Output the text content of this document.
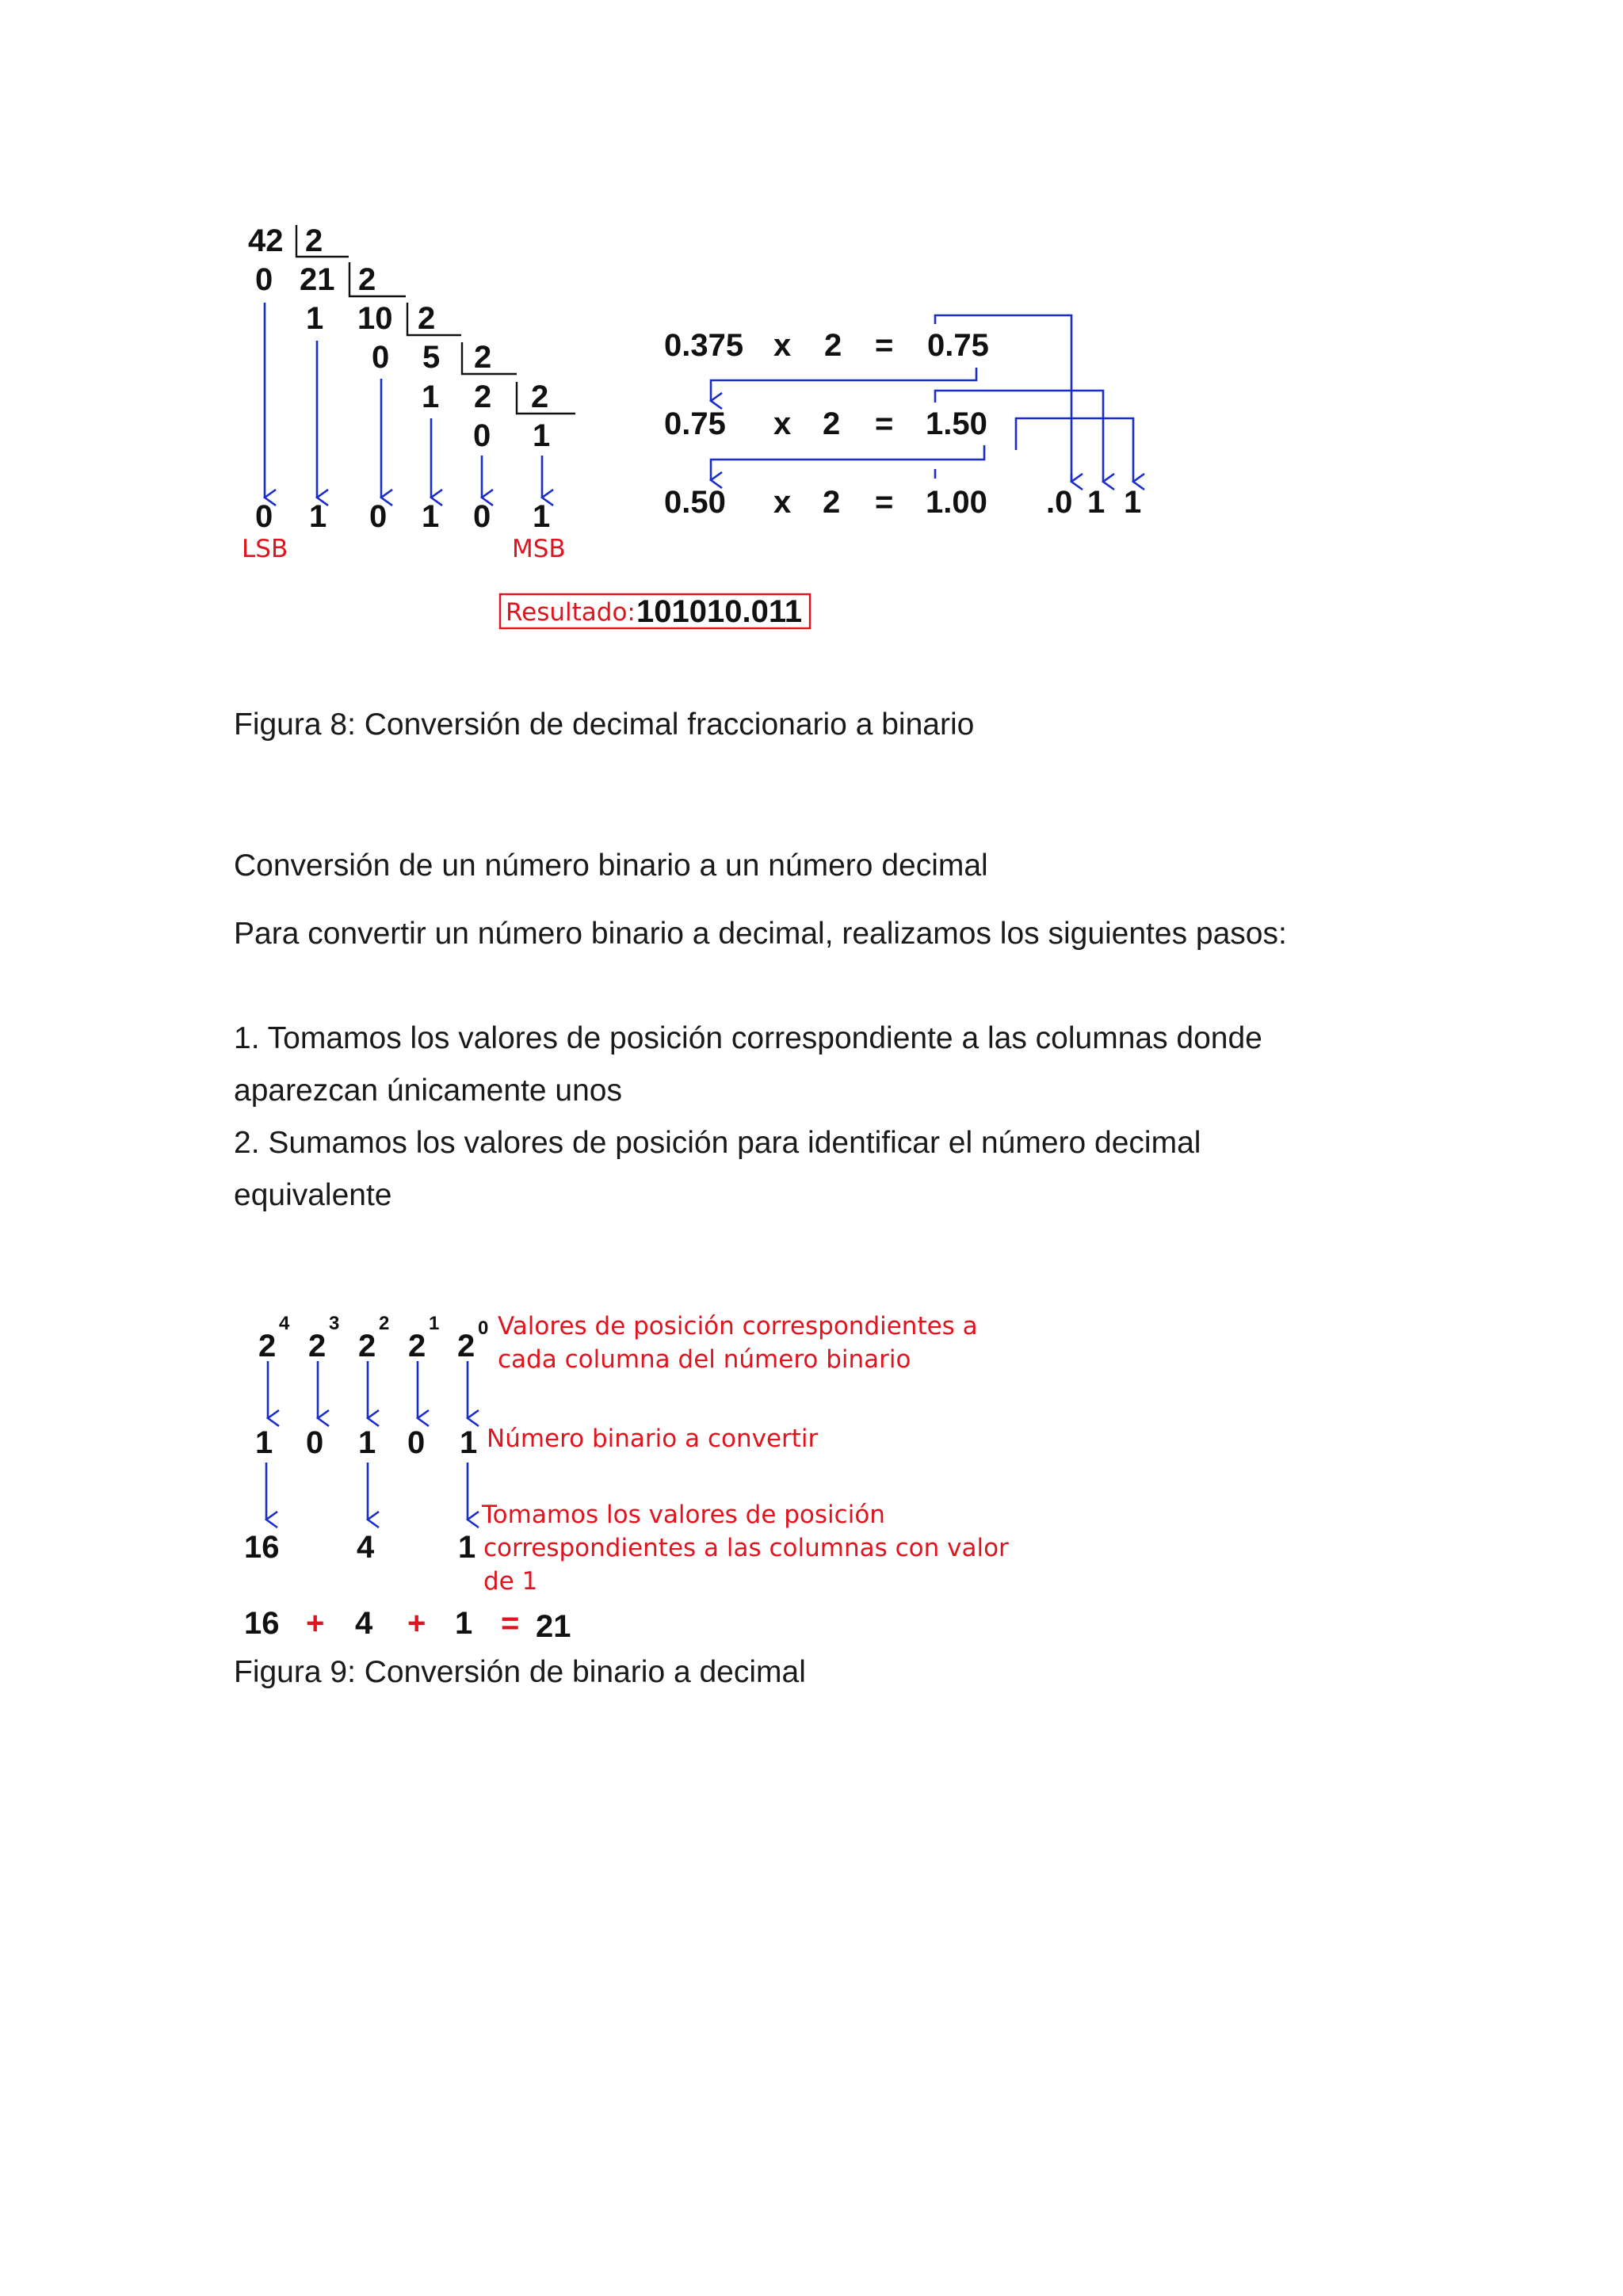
42 2
0 21 2
1 10 2
0 5 2
1 2 2
0 1
0 1 0 1 0 1
LSB	MSB
Resultado: 101010.011
0.375 x 2 = 0.75
0.75 x 2 = 1.50
0.50 x 2 = 1.00 .0 1 1

Figura 8: Conversión de decimal fraccionario a binario

Conversión de un número binario a un número decimal

Para convertir un número binario a decimal, realizamos los siguientes pasos:

1. Tomamos los valores de posición correspondiente a las columnas donde

aparezcan únicamente unos

2. Sumamos los valores de posición para identificar el número decimal

equivalente

2
4
2
3
2
2
2
1
2
0 Valores de posición correspondientes a
cada columna del número binario
1 0 1 0 1 Número binario a convertir
16 4	1
Tomamos los valores de posición
correspondientes a las columnas con valor
de 1
16 + 4 + 1 = 21

Figura 9: Conversión de binario a decimal
